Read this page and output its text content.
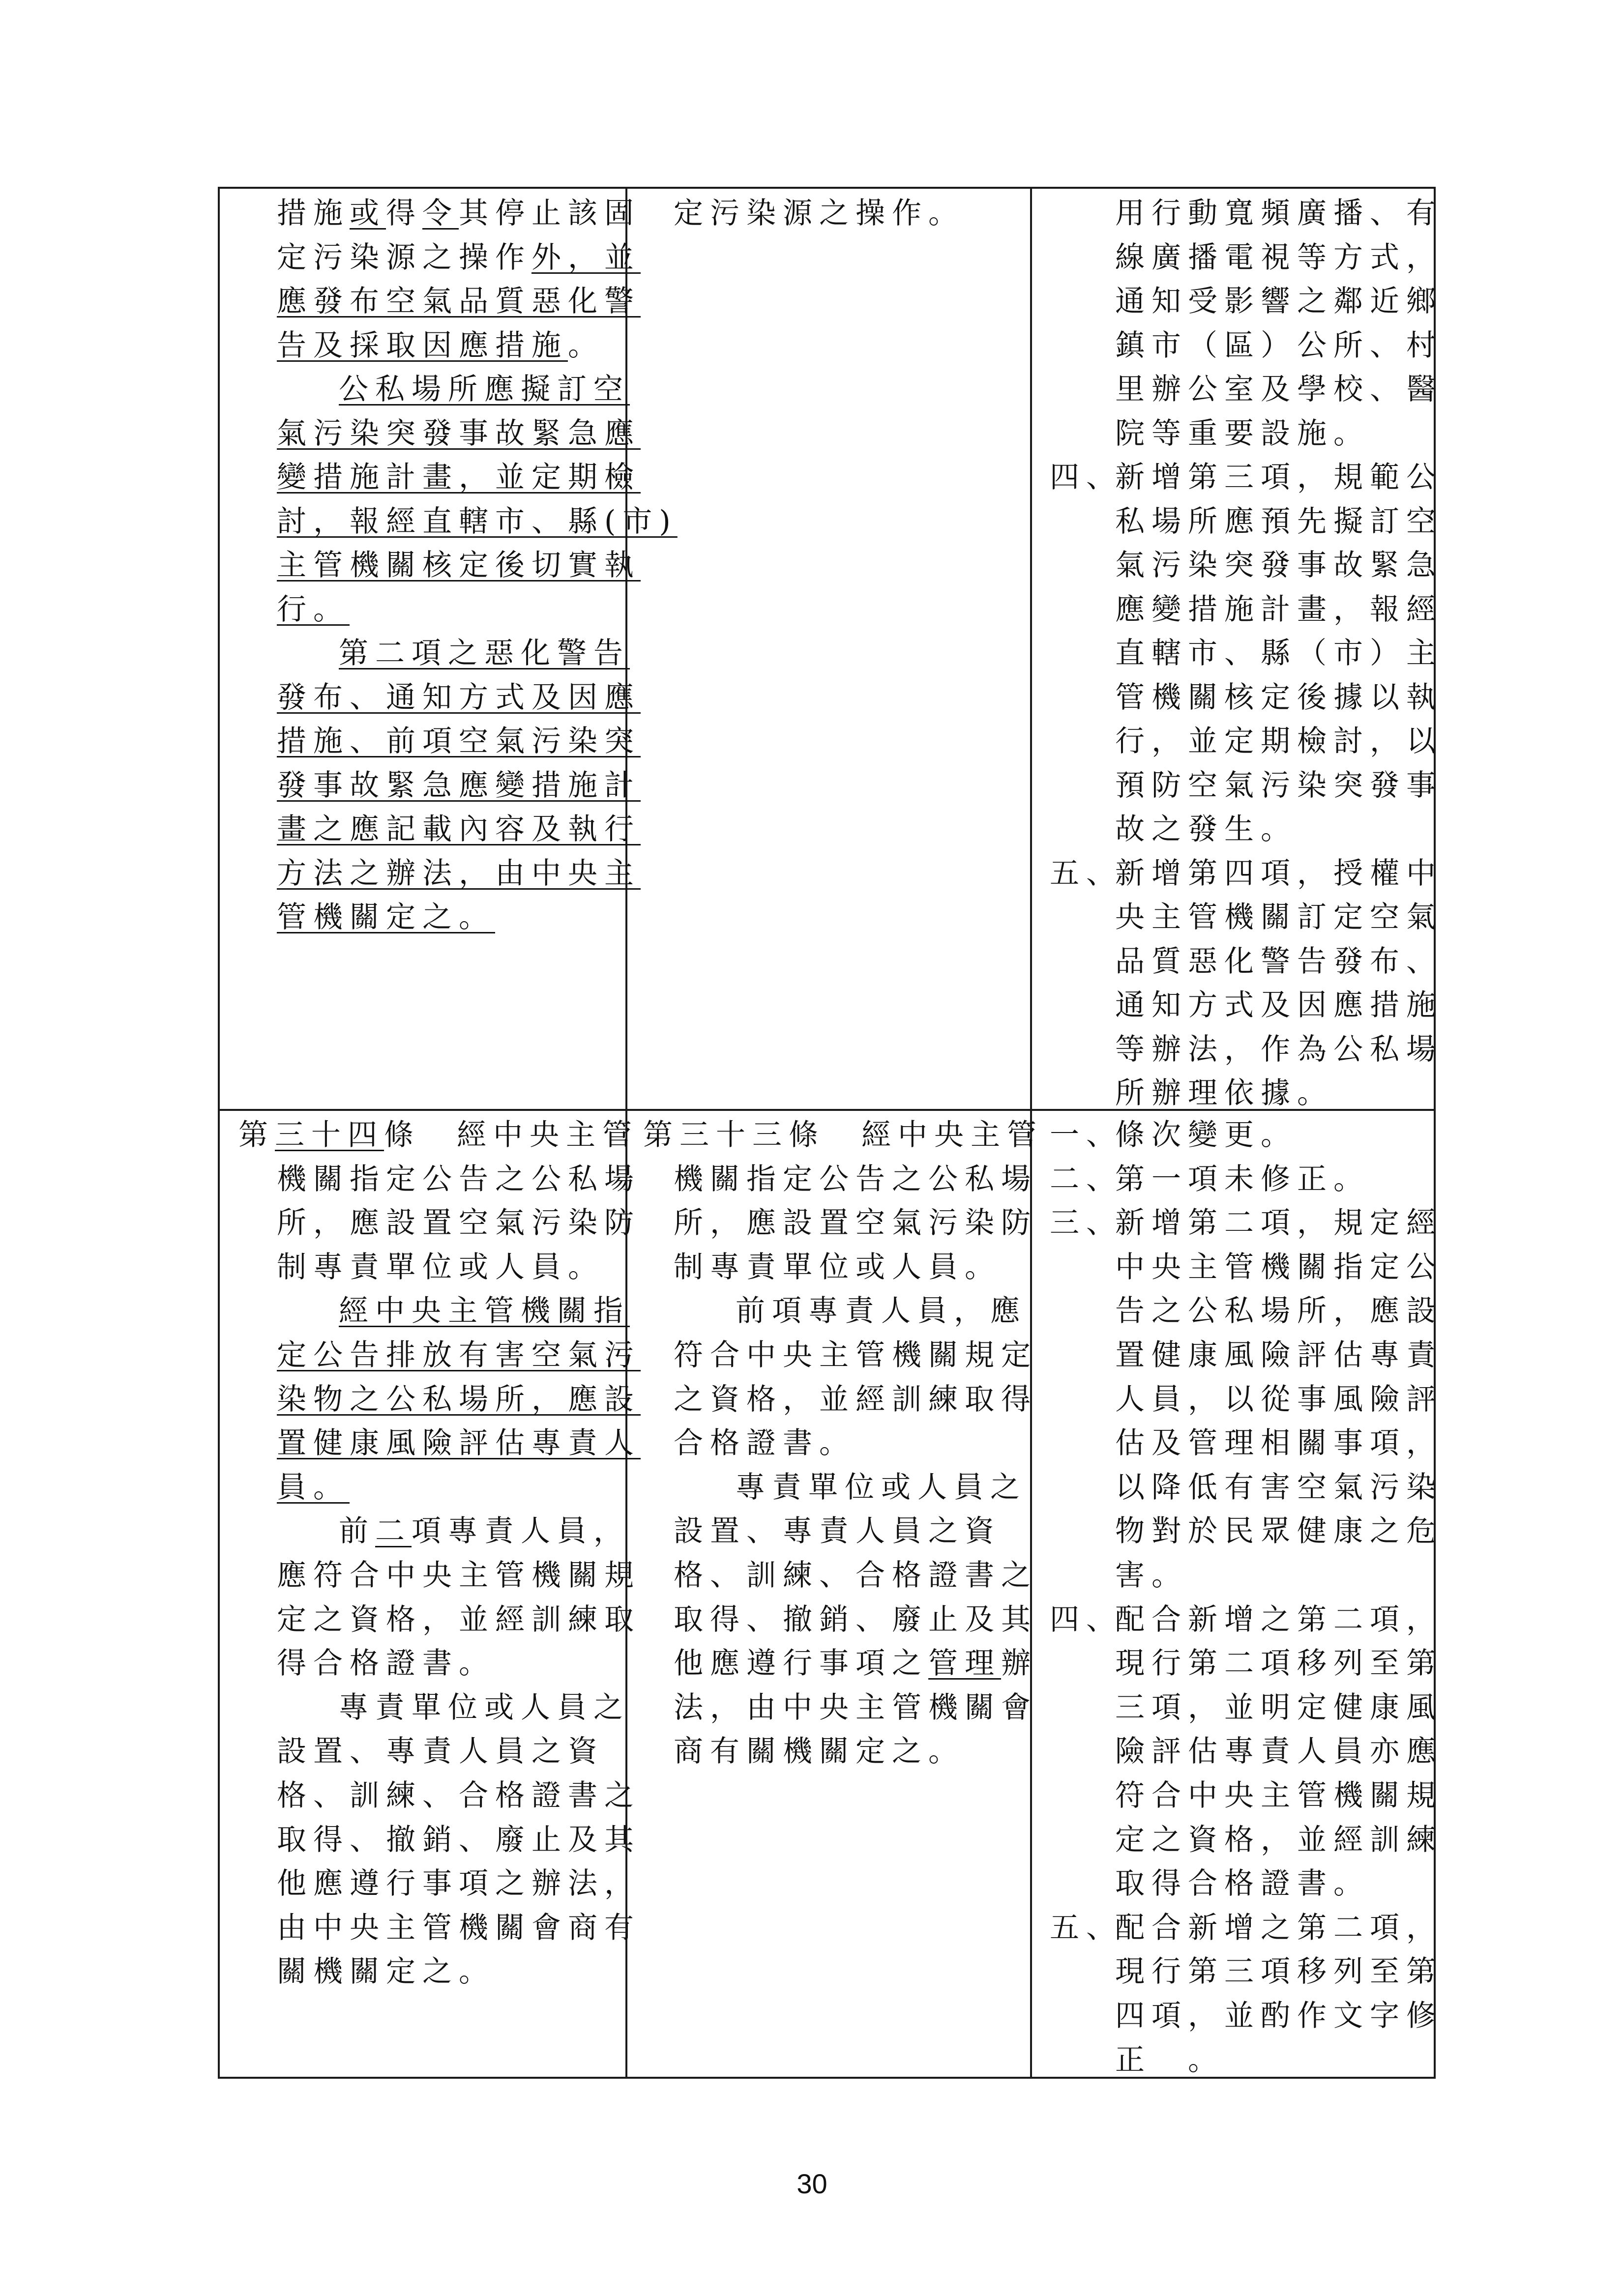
措施或得令其停止該固
定污染源之操作外，並
應發布空氣品質惡化警
告及採取因應措施。
公私場所應擬訂空
氣污染突發事故緊急應
變措施計畫，並定期檢
討，報經直轄市、縣(市)
主管機關核定後切實執
行。
第二項之惡化警告
發布、通知方式及因應
措施、前項空氣污染突
發事故緊急應變措施計
畫之應記載內容及執行
方法之辦法，由中央主
管機關定之。
定污染源之操作。	用行動寬頻廣播、有
線廣播電視等方式，
通知受影響之鄰近鄉
鎮市（區）公所、村
里辦公室及學校、醫
院等重要設施。
四、
新增第三項，規範公
私場所應預先擬訂空
氣污染突發事故緊急
應變措施計畫，報經
直轄市、縣（市）主
管機關核定後據以執
行，並定期檢討，以
預防空氣污染突發事
故之發生。
五、
新增第四項，授權中
央主管機關訂定空氣
品質惡化警告發布、
通知方式及因應措施
等辦法，作為公私場
所辦理依據。
第三十四條　經中央主管
機關指定公告之公私場
所，應設置空氣污染防
制專責單位或人員。
經中央主管機關指
定公告排放有害空氣污
染物之公私場所，應設
置健康風險評估專責人
員。
前二項專責人員，
應符合中央主管機關規
定之資格，並經訓練取
得合格證書。
專責單位或人員之
設置、專責人員之資
格、訓練、合格證書之
取得、撤銷、廢止及其
他應遵行事項之辦法，
由中央主管機關會商有
關機關定之。
第三十三條　經中央主管
機關指定公告之公私場
所，應設置空氣污染防
制專責單位或人員。
前項專責人員，應
符合中央主管機關規定
之資格，並經訓練取得
合格證書。
專責單位或人員之
設置、專責人員之資
格、訓練、合格證書之
取得、撤銷、廢止及其
他應遵行事項之管理辦
法，由中央主管機關會
商有關機關定之。
一、
條次變更。
二、
第一項未修正。
三、
新增第二項，規定經
中央主管機關指定公
告之公私場所，應設
置健康風險評估專責
人員，以從事風險評
估及管理相關事項，
以降低有害空氣污染
物對於民眾健康之危
害。
四、
配合新增之第二項，
現行第二項移列至第
三項，並明定健康風
險評估專責人員亦應
符合中央主管機關規
定之資格，並經訓練
取得合格證書。
五、
配合新增之第二項，
現行第三項移列至第
四項，並酌作文字修
正　。
30
